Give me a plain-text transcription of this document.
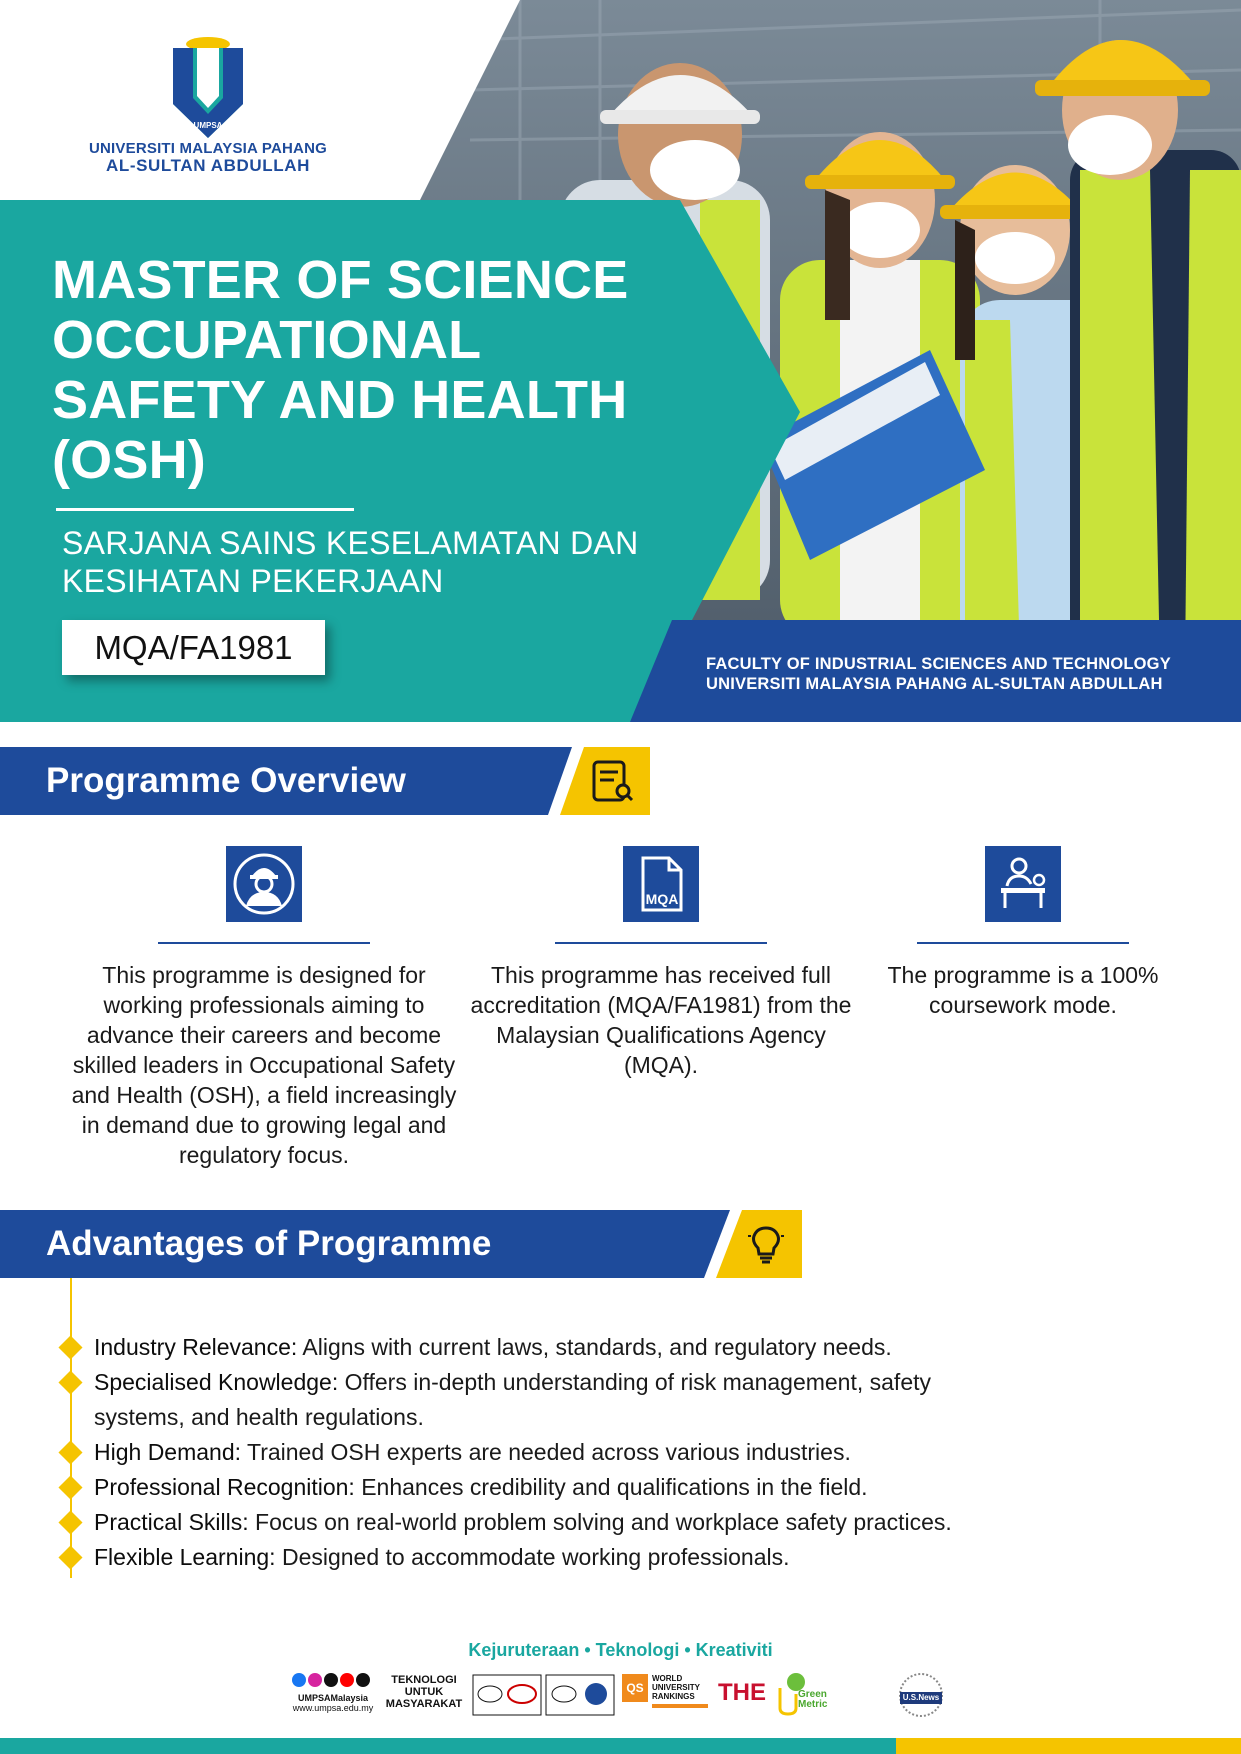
UMPSA
UNIVERSITI MALAYSIA PAHANG
AL-SULTAN ABDULLAH
MASTER OF SCIENCE
OCCUPATIONAL
SAFETY AND HEALTH
(OSH)
SARJANA SAINS KESELAMATAN DAN
KESIHATAN PEKERJAAN
MQA/FA1981	FACULTY OF INDUSTRIAL SCIENCES AND TECHNOLOGY
UNIVERSITI MALAYSIA PAHANG AL-SULTAN ABDULLAH
Programme Overview
This programme is designed for working professionals aiming to advance their careers and become skilled leaders in Occupational Safety and Health (OSH), a field increasingly in demand due to growing legal and regulatory focus.
MQA
This programme has received full accreditation (MQA/FA1981) from the Malaysian Qualifications Agency (MQA).
The programme is a 100% coursework mode.
Advantages of Programme
Industry Relevance: Aligns with current laws, standards, and regulatory needs.
Specialised Knowledge: Offers in-depth understanding of risk management, safety systems, and health regulations.
High Demand: Trained OSH experts are needed across various industries.
Professional Recognition: Enhances credibility and qualifications in the field.
Practical Skills: Focus on real-world problem solving and workplace safety practices.
Flexible Learning: Designed to accommodate working professionals.
Kejuruteraan • Teknologi • Kreativiti
UMPSAMalaysia
www.umpsa.edu.my
TEKNOLOGI
UNTUK
MASYARAKAT
QS
WORLD
UNIVERSITY
RANKINGS THE	Green
Metric
U.S.News
